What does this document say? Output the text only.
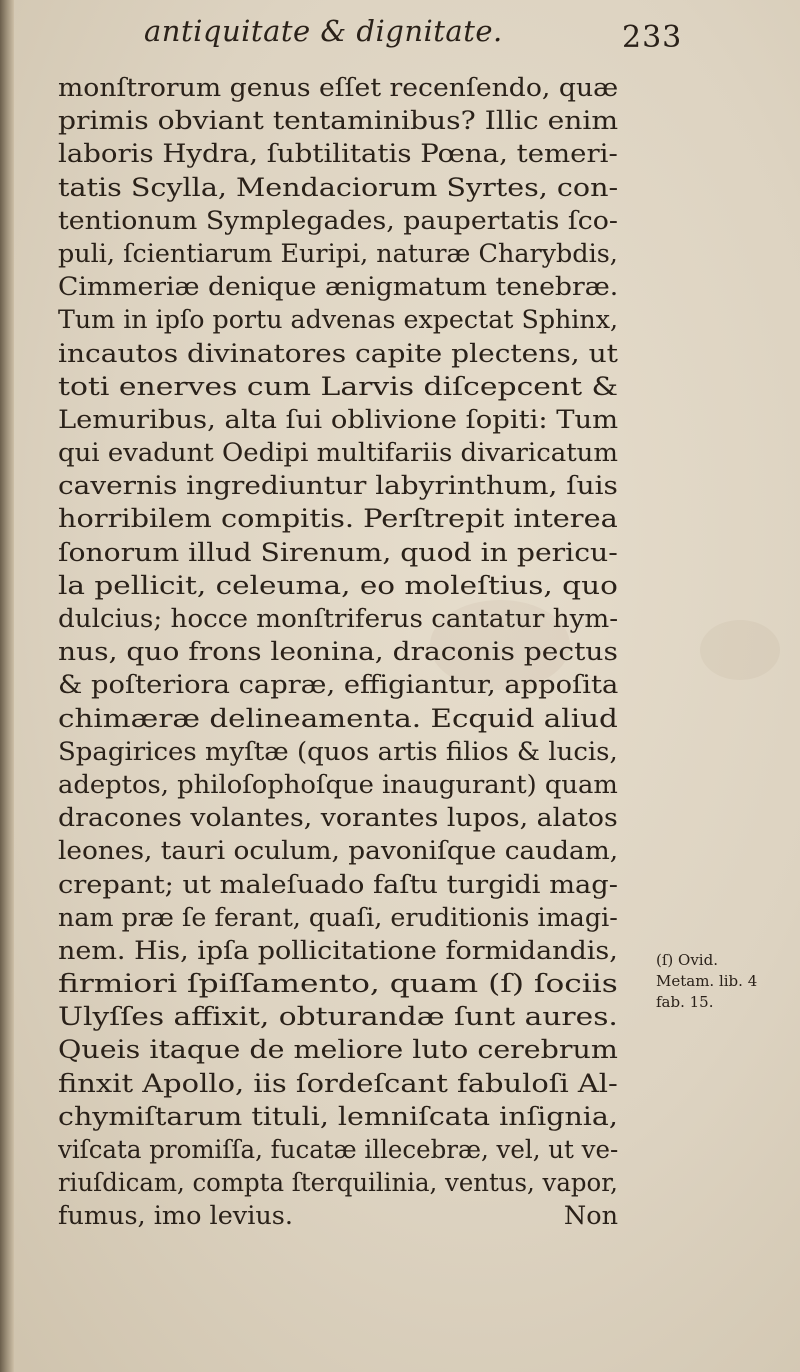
antiquitate & dignitate.	233
monſtrorum genus eſſet recenſendo, quæ
primis obviant tentaminibus? Illic enim
laboris Hydra, ſubtilitatis Pœna, temeri-
tatis Scylla, Mendaciorum Syrtes, con-
tentionum Symplegades, paupertatis ſco-
puli, ſcientiarum Euripi, naturæ Charybdis,
Cimmeriæ denique ænigmatum tenebræ.
Tum in ipſo portu advenas expectat Sphinx,
incautos divinatores capite plectens, ut
toti enerves cum Larvis diſcepcent &
Lemuribus, alta ſui oblivione ſopiti: Tum
qui evadunt Oedipi multifariis divaricatum
cavernis ingrediuntur labyrinthum, ſuis
horribilem compitis. Perſtrepit interea
ſonorum illud Sirenum, quod in pericu-
la pellicit, celeuma, eo moleſtius, quo
dulcius; hocce monſtriferus cantatur hym-
nus, quo frons leonina, draconis pectus
& poſteriora capræ, effigiantur, appoſita
chimæræ delineamenta. Ecquid aliud
Spagirices myſtæ (quos artis filios & lucis,
adeptos, philoſophoſque inaugurant) quam
dracones volantes, vorantes lupos, alatos
leones, tauri oculum, pavoniſque caudam,
crepant; ut maleſuado faſtu turgidi mag-
nam præ ſe ferant, quaſi, eruditionis imagi-
nem. His, ipſa pollicitatione formidandis,
firmiori ſpiſſamento, quam (ſ) ſociis
Ulyſſes affixit, obturandæ ſunt aures.
Queis itaque de meliore luto cerebrum
finxit Apollo, iis ſordeſcant fabuloſi Al-
chymiſtarum tituli, lemniſcata inſignia,
viſcata promiſſa, fucatæ illecebræ, vel, ut ve-
riuſdicam, compta ſterquilinia, ventus, vapor,
fumus, imo levius.	Non
(ſ) Ovid.
Metam. lib. 4
fab. 15.
